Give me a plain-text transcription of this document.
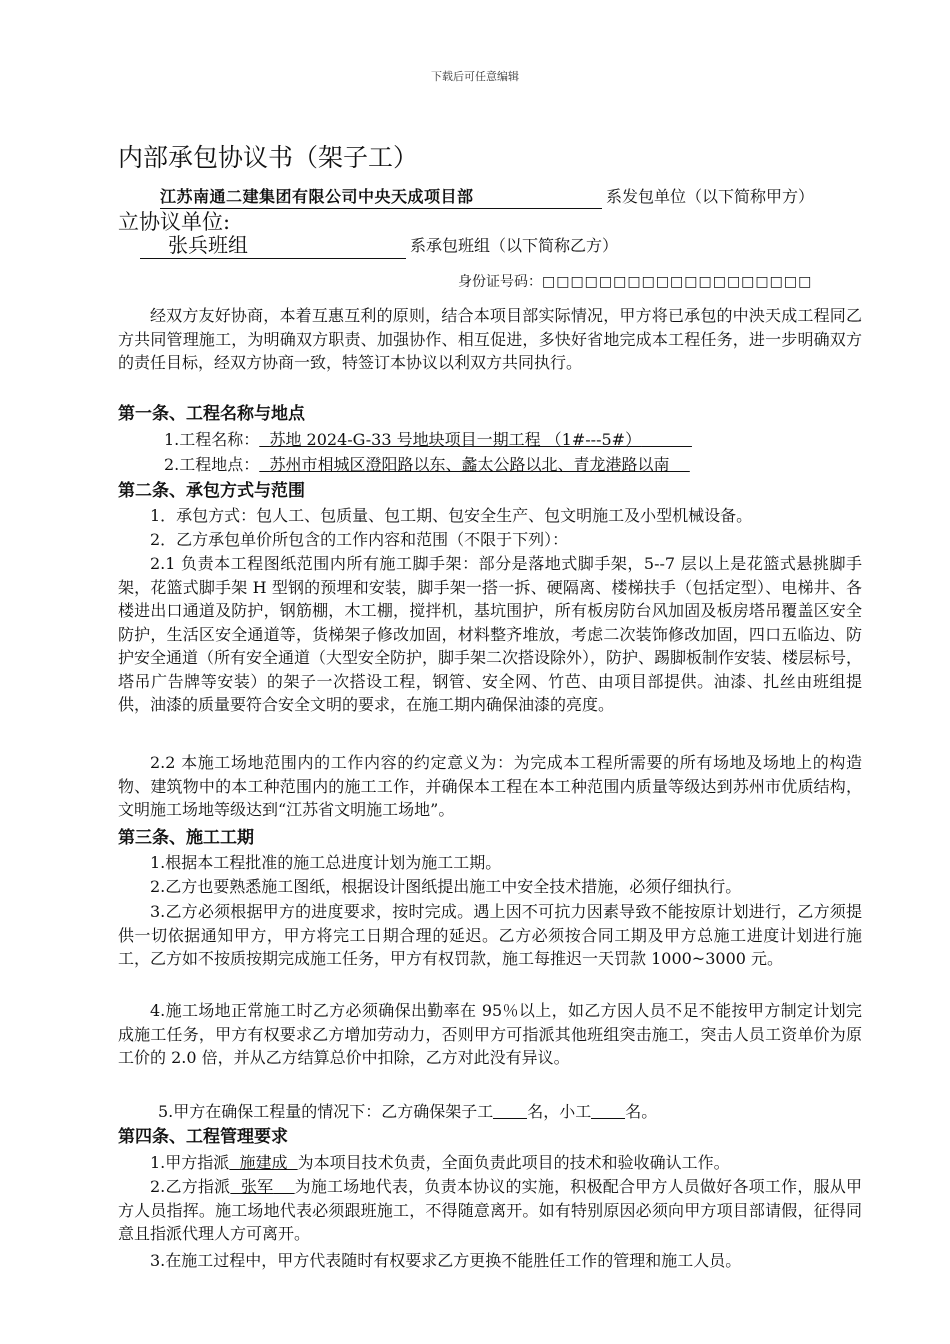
下载后可任意编辑
内部承包协议书（架子工）
江苏南通二建集团有限公司中央天成项目部	系发包单位（以下简称甲方）
立协议单位:
张兵班组	系承包班组（以下简称乙方）
身份证号码：□□□□□□□□□□□□□□□□□□□
经双方友好协商，本着互惠互利的原则，结合本项目部实际情况，甲方将已承包的中泱天成工程同乙方共同管理施工，为明确双方职责、加强协作、相互促进，多快好省地完成本工程任务，进一步明确双方的责任目标，经双方协商一致，特签订本协议以利双方共同执行。
第一条、工程名称与地点
1.工程名称： 苏地 2024-G-33 号地块项目一期工程 （1#---5#）
2.工程地点： 苏州市相城区澄阳路以东、蠡太公路以北、青龙港路以南
第二条、承包方式与范围
1．承包方式：包人工、包质量、包工期、包安全生产、包文明施工及小型机械设备。
2．乙方承包单价所包含的工作内容和范围（不限于下列）：
2.1 负责本工程图纸范围内所有施工脚手架：部分是落地式脚手架，5--7 层以上是花篮式悬挑脚手架，花篮式脚手架 H 型钢的预埋和安装，脚手架一搭一拆、硬隔离、楼梯扶手（包括定型）、电梯井、各楼进出口通道及防护，钢筋棚，木工棚，搅拌机，基坑围护，所有板房防台风加固及板房塔吊覆盖区安全防护，生活区安全通道等，货梯架子修改加固，材料整齐堆放，考虑二次装饰修改加固，四口五临边、防护安全通道（所有安全通道（大型安全防护，脚手架二次搭设除外），防护、踢脚板制作安装、楼层标号，塔吊广告牌等安装）的架子一次搭设工程，钢管、安全网、竹芭、由项目部提供。油漆、扎丝由班组提供，油漆的质量要符合安全文明的要求，在施工期内确保油漆的亮度。
2.2 本施工场地范围内的工作内容的约定意义为：为完成本工程所需要的所有场地及场地上的构造物、建筑物中的本工种范围内的施工工作，并确保本工程在本工种范围内质量等级达到苏州市优质结构，文明施工场地等级达到“江苏省文明施工场地”。
第三条、施工工期
1.根据本工程批准的施工总进度计划为施工工期。
2.乙方也要熟悉施工图纸，根据设计图纸提出施工中安全技术措施，必须仔细执行。
3.乙方必须根据甲方的进度要求，按时完成。遇上因不可抗力因素导致不能按原计划进行，乙方须提供一切依据通知甲方，甲方将完工日期合理的延迟。乙方必须按合同工期及甲方总施工进度计划进行施工，乙方如不按质按期完成施工任务，甲方有权罚款，施工每推迟一天罚款 1000~3000 元。
4.施工场地正常施工时乙方必须确保出勤率在 95％以上，如乙方因人员不足不能按甲方制定计划完成施工任务，甲方有权要求乙方增加劳动力，否则甲方可指派其他班组突击施工，突击人员工资单价为原工价的 2.0 倍，并从乙方结算总价中扣除，乙方对此没有异议。
5.甲方在确保工程量的情况下：乙方确保架子工 名，小工 名。
第四条、工程管理要求
1.甲方指派 施建成 为本项目技术负责，全面负责此项目的技术和验收确认工作。
2.乙方指派 张军 为施工场地代表，负责本协议的实施，积极配合甲方人员做好各项工作，服从甲方人员指挥。施工场地代表必须跟班施工，不得随意离开。如有特别原因必须向甲方项目部请假，征得同意且指派代理人方可离开。
3.在施工过程中，甲方代表随时有权要求乙方更换不能胜任工作的管理和施工人员。
